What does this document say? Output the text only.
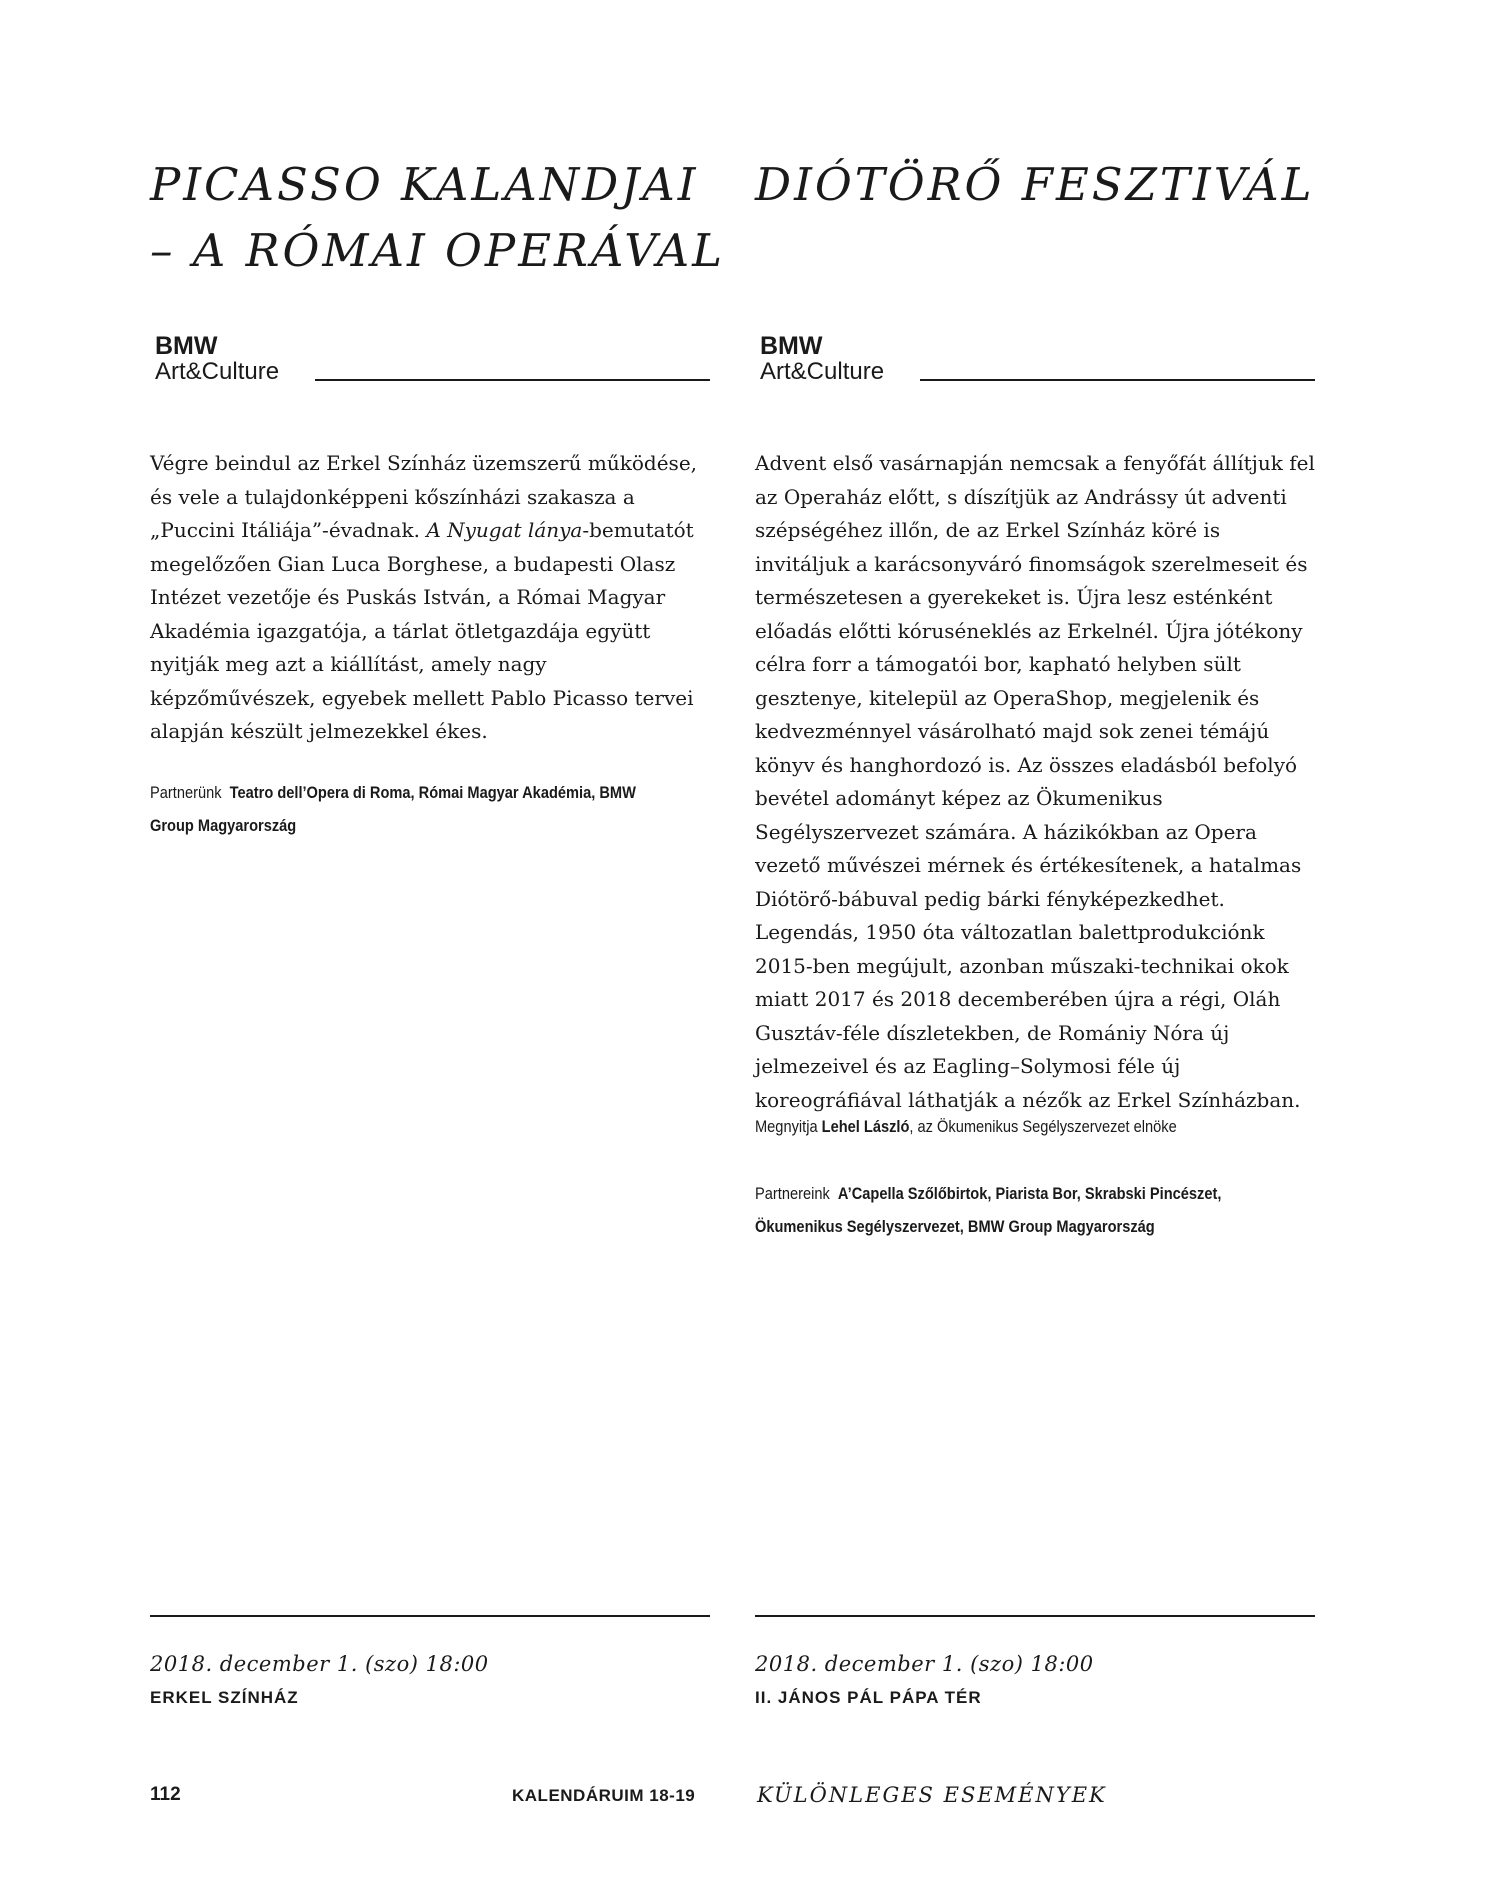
PICASSO KALANDJAI
– A RÓMAI OPERÁVAL
BMW
Art&Culture

Végre beindul az Erkel Színház üzemszerű működése, és vele a tulajdonképpeni kőszínházi szakasza a „Puccini Itáliája”-évadnak. A Nyugat lánya-bemutatót megelőzően Gian Luca Borghese, a budapesti Olasz Intézet vezetője és Puskás István, a Római Magyar Akadémia igazgatója, a tárlat ötletgazdája együtt nyitják meg azt a kiállítást, amely nagy képzőművészek, egyebek mellett Pablo Picasso tervei alapján készült jelmezekkel ékes.

Partnerünk Teatro dell’Opera di Roma, Római Magyar Akadémia, BMW Group Magyarország
2018. december 1. (szo) 18:00
ERKEL SZÍNHÁZ
DIÓTÖRŐ FESZTIVÁL
BMW
Art&Culture

Advent első vasárnapján nemcsak a fenyőfát állítjuk fel az Operaház előtt, s díszítjük az Andrássy út adventi szépségéhez illőn, de az Erkel Színház köré is invitáljuk a karácsonyváró finomságok szerelmeseit és természetesen a gyerekeket is. Újra lesz esténként előadás előtti kóruséneklés az Erkelnél. Újra jótékony célra forr a támogatói bor, kapható helyben sült gesztenye, kitelepül az OperaShop, megjelenik és kedvezménnyel vásárolható majd sok zenei témájú könyv és hanghordozó is. Az összes eladásból befolyó bevétel adományt képez az Ökumenikus Segélyszervezet számára. A házikókban az Opera vezető művészei mérnek és értékesítenek, a hatalmas Diótörő-bábuval pedig bárki fényképezkedhet. Legendás, 1950 óta változatlan balettprodukciónk 2015-ben megújult, azonban műszaki-technikai okok miatt 2017 és 2018 decemberében újra a régi, Oláh Gusztáv-féle díszletekben, de Romániy Nóra új jelmezeivel és az Eagling–Solymosi féle új koreográfiával láthatják a nézők az Erkel Színházban.

Megnyitja Lehel László, az Ökumenikus Segélyszervezet elnöke
Partnereink A’Capella Szőlőbirtok, Piarista Bor, Skrabski Pincészet, Ökumenikus Segélyszervezet, BMW Group Magyarország
2018. december 1. (szo) 18:00
II. JÁNOS PÁL PÁPA TÉR
112	KALENDÁRUIM 18-19	KÜLÖNLEGES ESEMÉNYEK
